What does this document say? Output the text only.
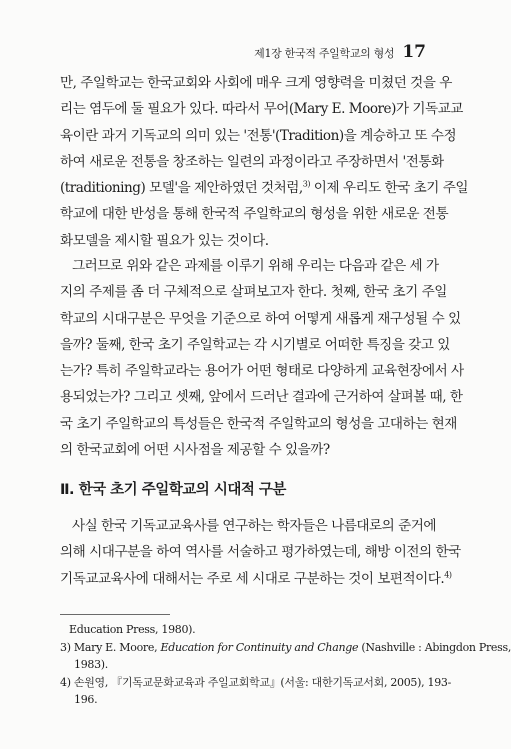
제1장 한국적 주일학교의 형성 17
만, 주일학교는 한국교회와 사회에 매우 크게 영향력을 미쳤던 것을 우
리는 염두에 둘 필요가 있다. 따라서 무어(Mary E. Moore)가 기독교교
육이란 과거 기독교의 의미 있는 '전통'(Tradition)을 계승하고 또 수정
하여 새로운 전통을 창조하는 일련의 과정이라고 주장하면서 '전통화
(traditioning) 모델'을 제안하였던 것처럼,$^{3)}$ 이제 우리도 한국 초기 주일
학교에 대한 반성을 통해 한국적 주일학교의 형성을 위한 새로운 전통
화모델을 제시할 필요가 있는 것이다.
그러므로 위와 같은 과제를 이루기 위해 우리는 다음과 같은 세 가
지의 주제를 좀 더 구체적으로 살펴보고자 한다. 첫째, 한국 초기 주일
학교의 시대구분은 무엇을 기준으로 하여 어떻게 새롭게 재구성될 수 있
을까? 둘째, 한국 초기 주일학교는 각 시기별로 어떠한 특징을 갖고 있
는가? 특히 주일학교라는 용어가 어떤 형태로 다양하게 교육현장에서 사
용되었는가? 그리고 셋째, 앞에서 드러난 결과에 근거하여 살펴볼 때, 한
국 초기 주일학교의 특성들은 한국적 주일학교의 형성을 고대하는 현재
의 한국교회에 어떤 시사점을 제공할 수 있을까?
Ⅱ. 한국 초기 주일학교의 시대적 구분
사실 한국 기독교교육사를 연구하는 학자들은 나름대로의 준거에
의해 시대구분을 하여 역사를 서술하고 평가하였는데, 해방 이전의 한국
기독교교육사에 대해서는 주로 세 시대로 구분하는 것이 보편적이다.$^{4)}$
Education Press, 1980).
3) Mary E. Moore, Education for Continuity and Change (Nashville : Abingdon Press,
1983).
4) 손원영, 『기독교문화교육과 주일교회학교』(서울: 대한기독교서회, 2005), 193-
196.
